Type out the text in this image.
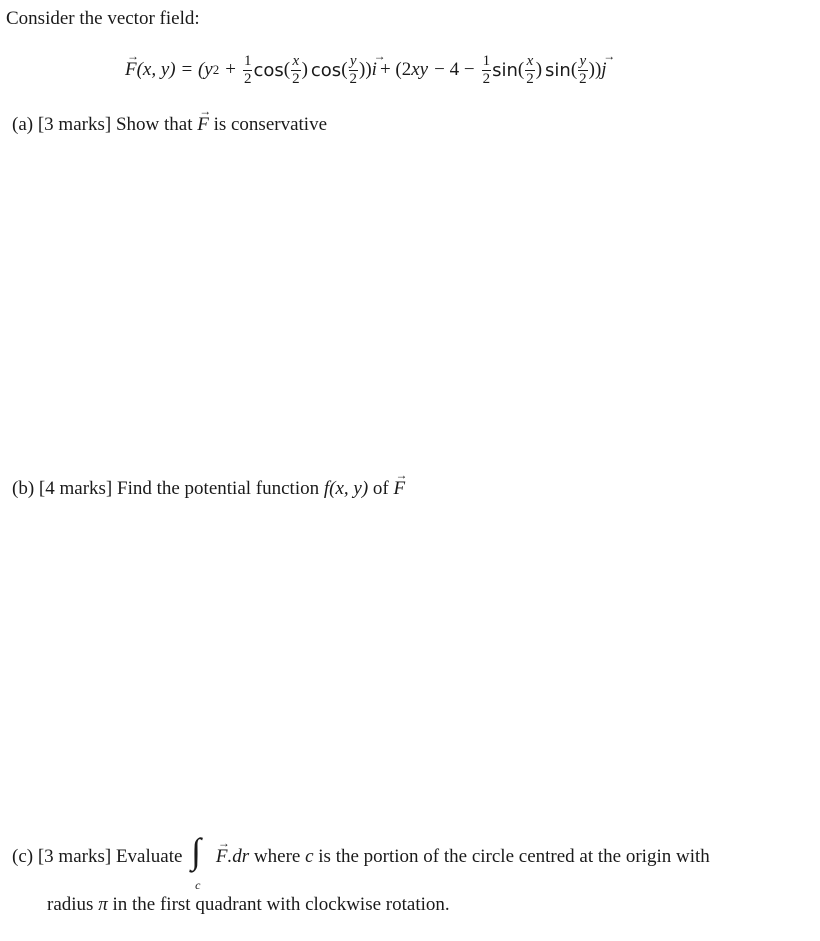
Consider the vector field:
F
→
(x, y) = ( y $2 + \frac{1}{2}$ cos ( $\frac{x}{2}$ ) cos ( $\frac{y}{2}$ )) i
→
+ (2 xy − $4 - \frac{1}{2}$ sin ( $\frac{x}{2}$ ) sin ( $\frac{y}{2}$ )) j
→
(a) [3 marks] Show that F
→
is conservative
(b) [4 marks] Find the potential function f(x, y) of F
→
(c) [3 marks] Evaluate ∫
c
F
→
.dr where c is the portion of the circle centred at the origin with
radius π in the first quadrant with clockwise rotation.
